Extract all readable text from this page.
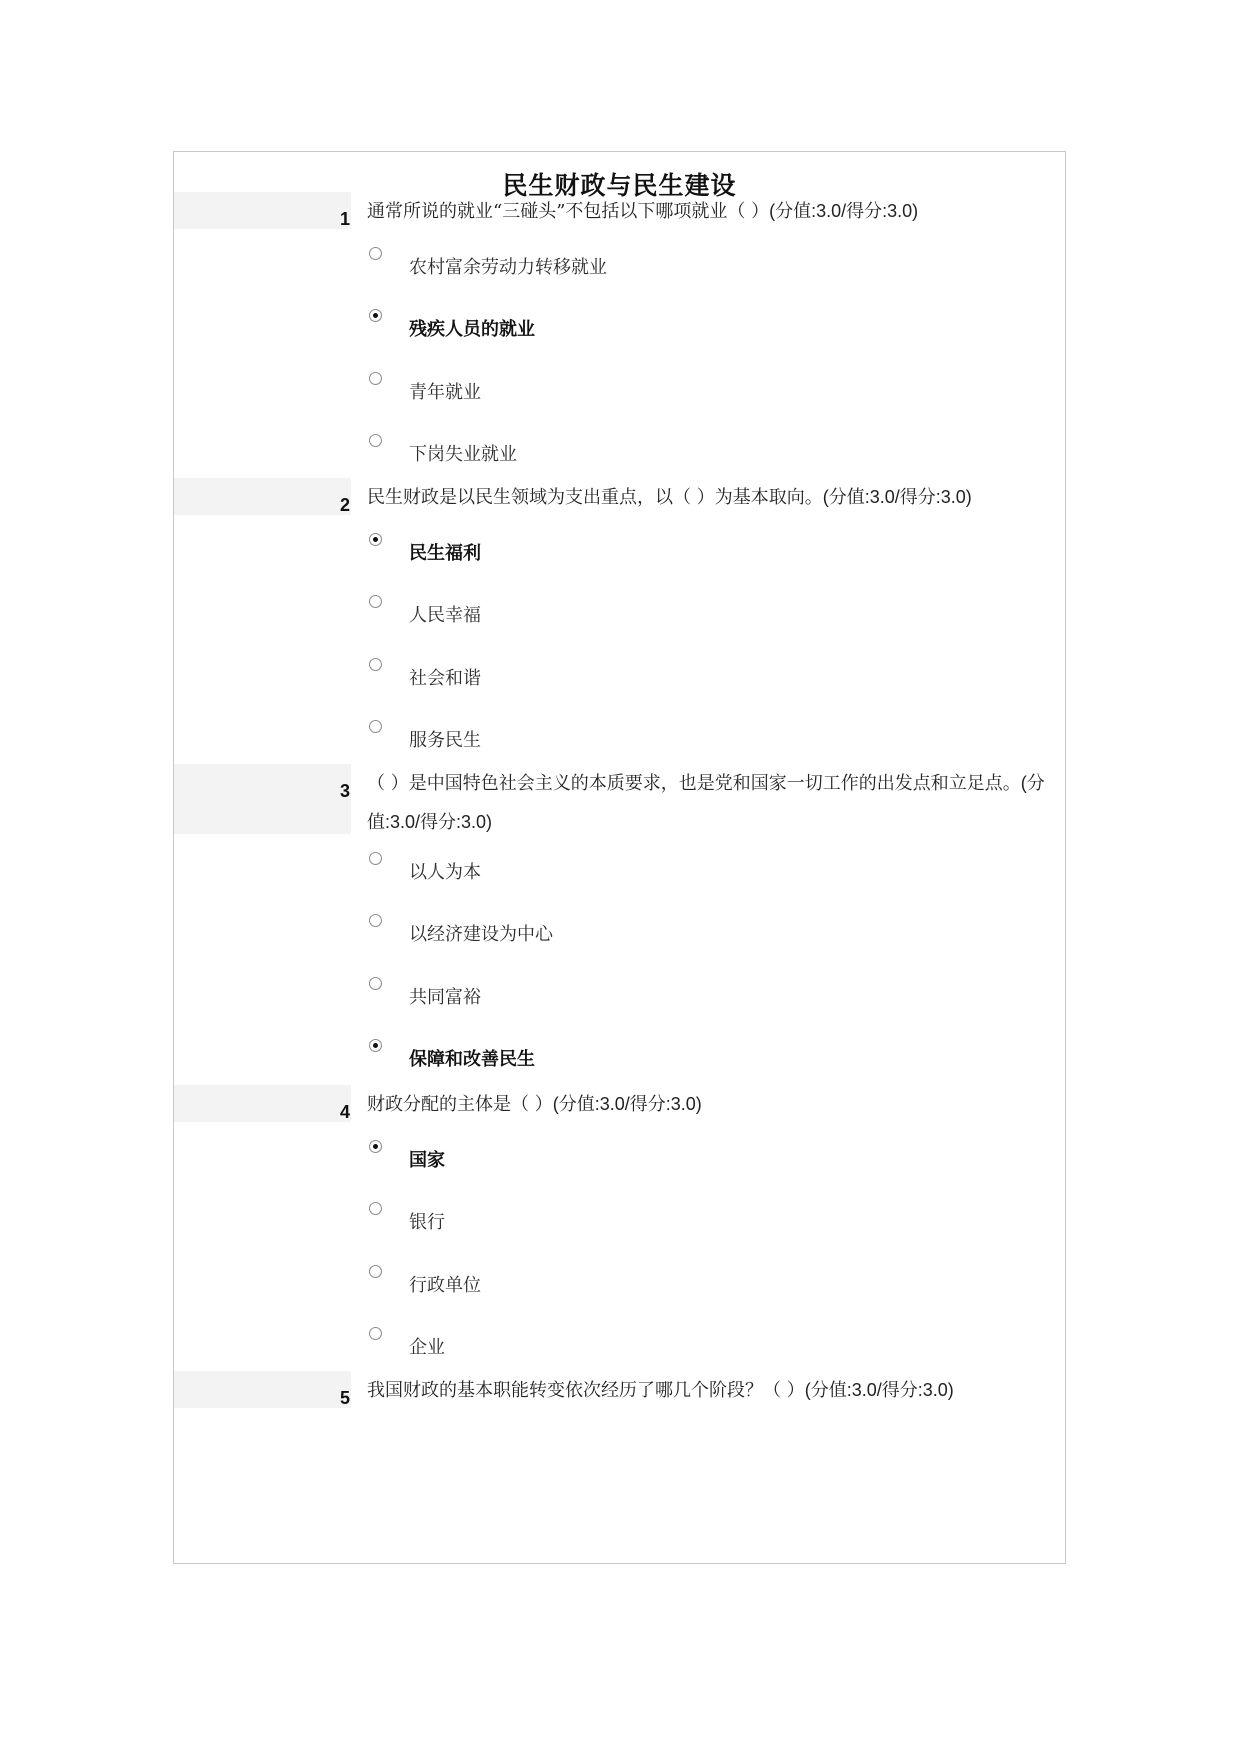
民生财政与民生建设
1 通常所说的就业“三碰头”不包括以下哪项就业（ ）(分值:3.0/得分:3.0)
农村富余劳动力转移就业
残疾人员的就业
青年就业
下岗失业就业
2 民生财政是以民生领域为支出重点，以（ ）为基本取向。(分值:3.0/得分:3.0)
民生福利
人民幸福
社会和谐
服务民生
3 （ ）是中国特色社会主义的本质要求，也是党和国家一切工作的出发点和立足点。(分值:3.0/得分:3.0)
以人为本
以经济建设为中心
共同富裕
保障和改善民生
4 财政分配的主体是（ ）(分值:3.0/得分:3.0)
国家
银行
行政单位
企业
5 我国财政的基本职能转变依次经历了哪几个阶段？（ ）(分值:3.0/得分:3.0)
